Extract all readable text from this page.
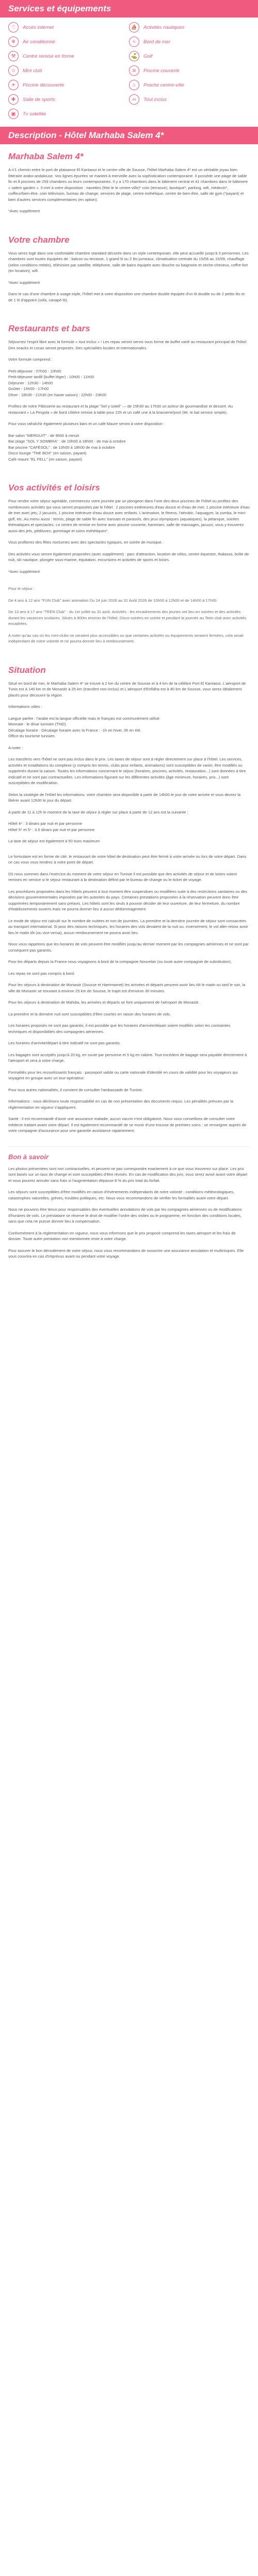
Services et équipements
⌔	Accès internet	⛵	Activités nautiques
❄	Air conditionné	≈	Bord de mer
⚒	Centre remise en forme	⛳	Golf
☺	Mini club	≋	Piscine couverte
☀	Piscine découverte	⌂	Proche centre-ville
✚	Salle de sports	∞	Tout inclus
▣	Tv satellite
Description - Hôtel Marhaba Salem 4*
Marhaba Salem 4*
A n'1 chemin entre le port de plaisance El Kantaoui et le centre-ville de Sousse, l'hôtel Marhaba Salem 4* est un véritable joyau bien littéraire arabo-andalouse. Vos lignes épurées se marient à merveille avec la sophistication contemporaine. Il possède une plage de sable fin et 8 piscines de 259 chambres ou leurs contemporaines. Il y a 170 chambres dans le bâtiment central et 41 chambres dans le bâtiment « salem garden ». Il met à votre disposition : navettes (frite le le centre-ville)* coin (terrasse), boutique*, parking, wifi, médecin*, coiffeur/bien-être, coin télévision, bureau de change, services de plage, centre esthétique, centre de bien-être, salle de gym (*payant) et bien d'autres services complémentaires (en option).
*Avec supplément
Votre chambre
Vous serez logé dans une confortable chambre standard décorée dans un style contemporain, elle peut accueillir jusqu'à 3 personnes. Les chambres sont toutes équipées de : balcon ou terrasse, 1 grand lit ou 2 lits jumeaux, climatisation centrale du 15/06 au 15/09, chauffage (selon conditions météo), télévision par satellite, téléphone, salle de bains équipée avec douche ou baignoire et sèche-cheveux, coffre-fort (en location), wifi.
*Avec supplément
Dans le cas d'une chambre à usage triple, l'hôtel met à votre disposition une chambre double équipée d'un lit double ou de 2 petits lits et de 1 lit d'appoint (sofa, canapé-lit).
Restaurants et bars
Séjournez l'esprit libre avec la formule « tout inclus » ! Les repas seront servis sous forme de buffet varié au restaurant principal de l'hôtel. Des snacks et cocas seront proposés. Des spécialités locales et internationales.
Votre formule comprend :
Petit-déjeuner : 07h00 - 10h00
Petit-déjeuner tardif (buffet léger) : 10h00 - 11h00
Déjeuner : 12h30 - 14h00
Goûter : 15h00 - 17h00
Dîner : 18h30 - 21h30 (en haute saison) ; 22h00 - 23h00
Profitez de notre Pâtisserie au restaurant et la plage "Sel y soleil" — de 15h30 au 17h30 un acteur de gourmandise et dessert. Au restaurant « La Pergola » de bord côtière remise à table pour 22h et un café une à la brasserie/pool (Mr. le bal service simple).
Pour vous rafraîchir également plusieurs bars et un café Maure seront à votre disposition :
Bar salon "MERGUIT" : de 9h00 à minuit
Bar plage "SOL Y SOMBRA" : de 10h00 à 18h00 - de mai à octobre
Bar piscine "CAFÉSOL" : de 10h00 à 18h00 de mai à octobre
Disco lounge "THE BOX" (en saison, payant)
Café maure "EL FELL" (en saison, payant)
Vos activités et loisirs
Pour rendre votre séjour agréable, commencez votre journée par un plongeon dans l'une des deux piscines de l'hôtel ou profitez des nombreuses activités qui vous seront proposées par le hôtel : 2 piscines extérieures d'eau douce et d'eau de mer, 1 piscine intérieure d'eau de mer avec jets, 2 jacuzzis, 1 piscine intérieure d'eau douce avec enfants. L'animation, le fitness, l'aérobic, l'aquagym, la zumba, le mini-golf, etc. Au menu aussi : tennis, plage de sable fin avec transats et parasols, des jeux olympiques (aquatiques), la pétanque, soirées thématiques et spectacles. Le centre de remise en forme avec piscine couverte, hammam, salle de massages, jacuzzi, vous y trouverez aussi des jets, pédiluves, gommage et soins esthétiques*.
Vous profiterez des fêtes nocturnes avec des spectacles typiques, en soirée de musique.
Des activités vous seront également proposées (avec supplément) : parc d'attraction, location de vélos, centre équestre, thalasso, boîte de nuit, ski nautique, plongée sous-marine, équitation, excursions et activités de sports et loisirs.
*Avec supplément
Pour le séjour :
De 4 ans à 12 ans "FUN Club" avec animation Du 24 juin 2026 au 31 Août 2026 de 10h00 à 12h00 et de 14h00 à 17h00.
De 13 ans à 17 ans "TEEN Club" - du 1er juillet au 31 août. Activités : les encadrements des jeunes ont lieu en soirées et des activités durant les vacances scolaires. Situés à 800m environ de l'hôtel. Disco-soirées en soirée et pendant la journée au Teen club avec activités encadrées.
A noter qu'au cas où les mini-clubs ne seraient plus accessibles ou que certaines activités ou équipements seraient fermées, cela serait indépendant de notre volonté et ne pourra donner lieu à remboursement.
Situation
Situé en bord de mer, le Marhaba Salem 4* se trouve à 2 km du centre de Sousse et à 4 km de la célèbre Port El Kantaoui. L'aéroport de Tunis est à 140 km et de Monastir à 25 km (transfert non-inclus) et L'aéroport d'Enfidha est à 40 km de Sousse, vous serez idéalement placés pour découvrir la région.
Informations utiles :
Langue parlée : l'arabe est la langue officielle mais le français est communément utilisé.
Monnaie : le dinar tunisien (TND).
Décalage horaire : Décalage horaire avec la France : -1h en hiver, 0h en été.
Office du tourisme tunisien.
A noter :
Les transferts vers l'hôtel ne sont pas inclus dans le prix. Les taxes de séjour sont à régler directement sur place à l'hôtel. Les services, activités et installations du complexe (y compris les tennis, clubs pour enfants, animations) sont susceptibles de varier, être modifiés ou supprimés durant la saison. Toutes les informations concernant le séjour (horaires, piscines, activités, restauration...) sont données à titre indicatif et ne sont pas contractuelles. Les informations figurant sur les différentes activités (âge minimum, horaires, prix...) sont susceptibles de modification.
Selon la stratégie de l'Hôtel les informations, votre chambre sera disponible à partir de 14h00 le jour de votre arrivée et vous devrez la libérer avant 12h00 le jour du départ.
A partir de 11 à 12h le moment de la taxe de séjour à régler sur place à partir de 12 ans est la suivante :
Hôtel 4* : 3 dinars par nuit et par personne
Hôtel 5* et 5* : 3.5 dinars par nuit et par personne
La taxe de séjour est également à 50 euro maximum
Le formulaire est en forme de cité, le restaurant de votre hôtel de destination peut être fermé à votre arrivée ou lors de votre départ. Dans ce cas vous vous rendrez à votre point de départ.
Dû nous sommes dans l'exercice du moment de votre séjour en Tunisie il est possible que des activités de séjour et de loisirs soient remises en service si le séjour restaurant à la destination définit par le bureau de change ou le ticket de voyage.
Les procédures proposées dans les hôtels peuvent à tout moment être suspendues ou modifiées suite à des restrictions sanitaires ou des décisions gouvernementales imposées par les autorités du pays. Certaines prestations proposées à la réservation peuvent donc être supprimées temporairement sans préavis. Les hôtels sont les seuls à pouvoir décider de leur ouverture, de leur fermeture, du nombre d'établissements ouverts mais ne pourra donner lieu à aucun dédommagement.
Le mode de séjour est calculé sur le nombre de nuitées et non de journées. La première et la dernière journée de séjour sont consacrées au transport international. Si pour des raisons techniques, les horaires des vols devaient de la nuit ou, inversement, le vol aller-retour avoir lieu le matin tôt (ou vice-versa), aucun remboursement ne pourra avoir lieu.
Nous vous rappelons que les horaires de vols peuvent être modifiés jusqu'au dernier moment par les compagnies aériennes et ne sont par conséquent pas garantis.
Pour les départs depuis la France nous voyageons à bord de la compagnie Nouvelair (ou toute autre compagnie de substitution).
Les repas ne sont pas compris à bord.
Pour les séjours à destination de Monastir (Sousse et Hammamet) les arrivées et départs peuvent avoir lieu tôt le matin ou tard le soir, la ville de Monastir se trouvant à environ 25 km de Sousse, le trajet est d'environ 30 minutes.
Pour les séjours à destination de Mahdia, les arrivées et départs se font uniquement de l'aéroport de Monastir.
La première et la dernière nuit sont susceptibles d'être courtes en raison des horaires de vols.
Les horaires proposés ne sont pas garantis, il est possible que les horaires d'arrivée/départ soient modifiés selon les contraintes techniques et disponibilités des compagnies aériennes.
Les horaires d'arrivée/départ à titre indicatif ne sont pas garantis.
Les bagages sont acceptés jusqu'à 20 kg, en soute par personne et 5 kg en cabine. Tout excédent de bagage sera payable directement à l'aéroport et sera à votre charge.
Formalités pour les ressortissants français : passeport valide ou carte nationale d'identité en cours de validité pour les voyageurs qui voyagent en groupe avec un tour-opérateur.
Pour tous autres nationalités, il convient de consulter l'ambassade de Tunisie.
Informations : nous déclinons toute responsabilité en cas de non présentation des documents requis. Les pénalités prévues par la réglementation en vigueur s'appliquent.
Santé : il est recommandé d'avoir une assurance maladie, aucun vaccin n'est obligatoire. Nous vous conseillons de consulter votre médecin traitant avant votre départ. Il est également recommandé de se munir d'une trousse de premiers soins ; se renseigner auprès de votre compagnie d'assurance pour une garantie assistance rapatriement.
Bon à savoir
Les photos présentées sont non contractuelles, et peuvent ne pas correspondre exactement à ce que vous trouverez sur place. Les prix sont basés sur un taux de change et sont susceptibles d'être révisés. En cas de modification des prix, vous serez avisé avant votre départ et vous pourrez annuler sans frais si l'augmentation dépasse 8 % du prix total du forfait.
Les séjours sont susceptibles d'être modifiés en raison d'événements indépendants de notre volonté : conditions météorologiques, catastrophes naturelles, grèves, troubles politiques, etc. Nous vous recommandons de vérifier les formalités avant votre départ.
Nous ne pouvons être tenus pour responsables des éventuelles annulations de vols par les compagnies aériennes ou de modifications d'horaires de vols. Le prestataire se réserve le droit de modifier l'ordre des visites ou le programme, en fonction des conditions locales, sans que cela ne puisse donner lieu à compensation.
Conformément à la réglementation en vigueur, nous vous informons que le prix proposé comprend les taxes aéroport et les frais de dossier. Toute autre prestation non mentionnée reste à votre charge.
Pour assurer le bon déroulement de votre séjour, nous vous recommandons de souscrire une assurance annulation et multirisques. Elle vous couvrira en cas d'imprévus avant ou pendant votre voyage.
